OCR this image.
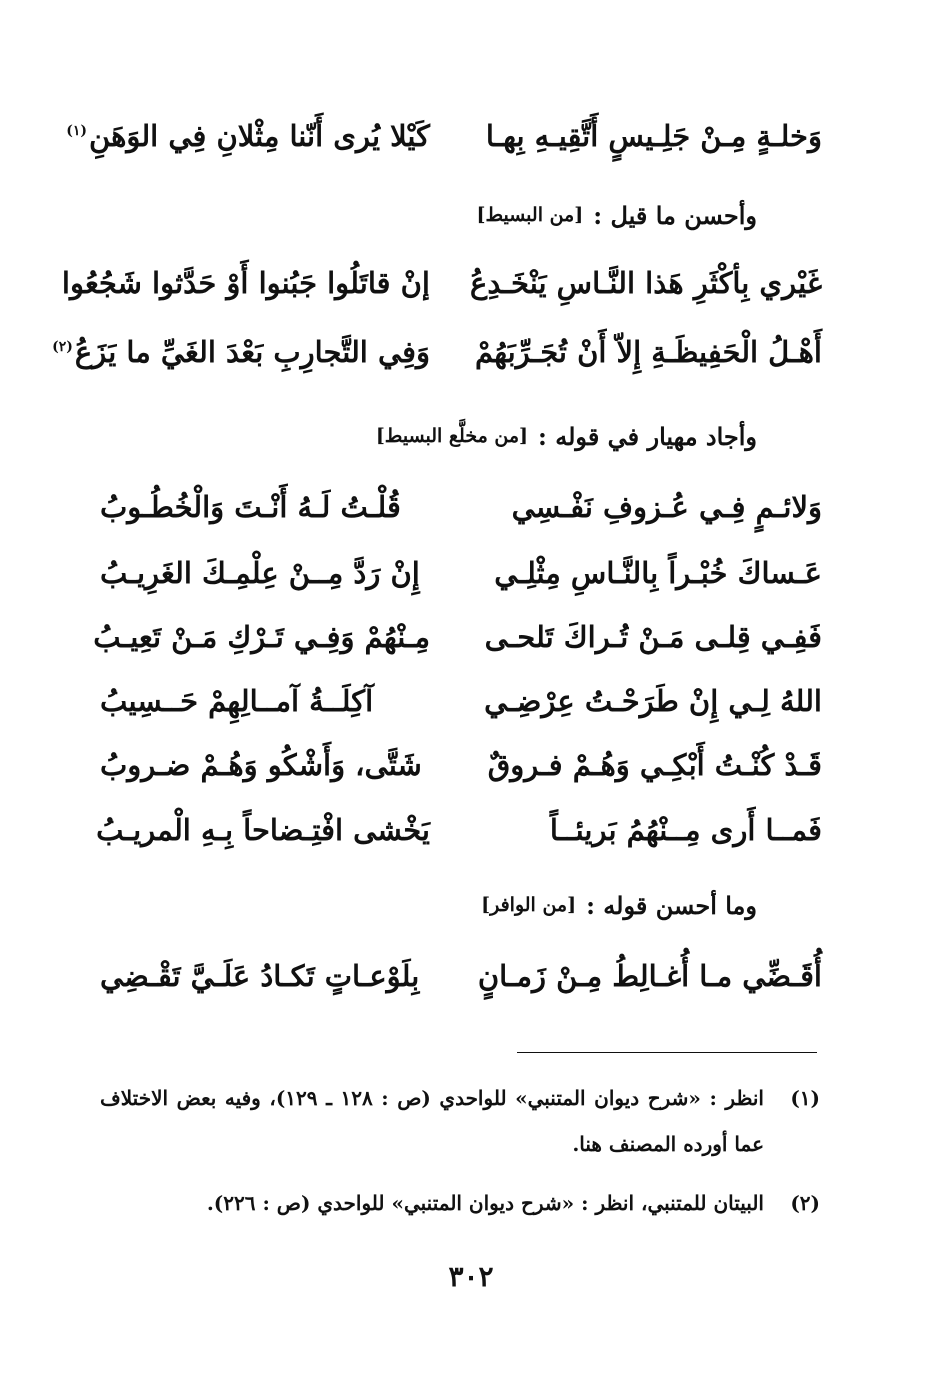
وَخلـةٍ مِـنْ جَلِـيسٍ أَتَّقِيـهِ بِهـا
كَيْلا يُرى أَنّنا مِثْلانِ فِي الوَهَنِ$^{(١)}$
وأحسن ما قيل :
[من البسيط]
غَيْري بِأكْثَرِ هَذا النَّـاسِ يَنْخَـدِعُ
إنْ قاتَلُوا جَبُنوا أَوْ حَدَّثوا شَجُعُوا
أَهْـلُ الْحَفِيظَـةِ إِلاّ أَنْ تُجَـرِّبَهُمْ
وَفِي التَّجارِبِ بَعْدَ الغَيِّ ما يَزَعُ$^{(٢)}$
وأجاد مهيار في قوله :
[من مخلَّع البسيط]
وَلائـمٍ فِـي عُـزوفِ نَفْـسِي
قُلْـتُ لَـهُ أَنْـتَ وَالْخُطُـوبُ
عَـساكَ خُبْـراً بِالنَّـاسِ مِثْلِـي
إِنْ رَدَّ مِــنْ عِلْمِـكَ الغَرِيـبُ
فَفِـي قِلـى مَـنْ تُـراكَ تَلحـى
مِـنْهُمْ وَفِـي تَـرْكِ مَـنْ تَعِيـبُ
اللهُ لِـي إِنْ طَرَحْـتُ عِرْضِـي
آكِلَــةُ آمــالِهِمْ حَــسِيبُ
قَـدْ كُنْـتُ أَبْكِـي وَهُـمْ فـروقٌ
شَتَّى، وَأَشْكُو وَهُـمْ ضـروبُ
فَمــا أَرى مِــنْهُمُ بَريئــاً
يَخْشى افْتِـضاحاً بِـهِ الْمريـبُ
وما أحسن قوله :
[من الوافر]
أُقَـضِّي مـا أُغـالِطُ مِـنْ زَمـانٍ
بِلَوْعـاتٍ تَكـادُ عَلَـيَّ تَقْـضِي
(١)
انظر : «شرح ديوان المتنبي» للواحدي (ص : ١٢٨ ـ ١٢٩)، وفيه بعض الاختلاف عما أورده المصنف هنا.
(٢)
البيتان للمتنبي، انظر : «شرح ديوان المتنبي» للواحدي (ص : ٢٢٦).
٣٠٢
